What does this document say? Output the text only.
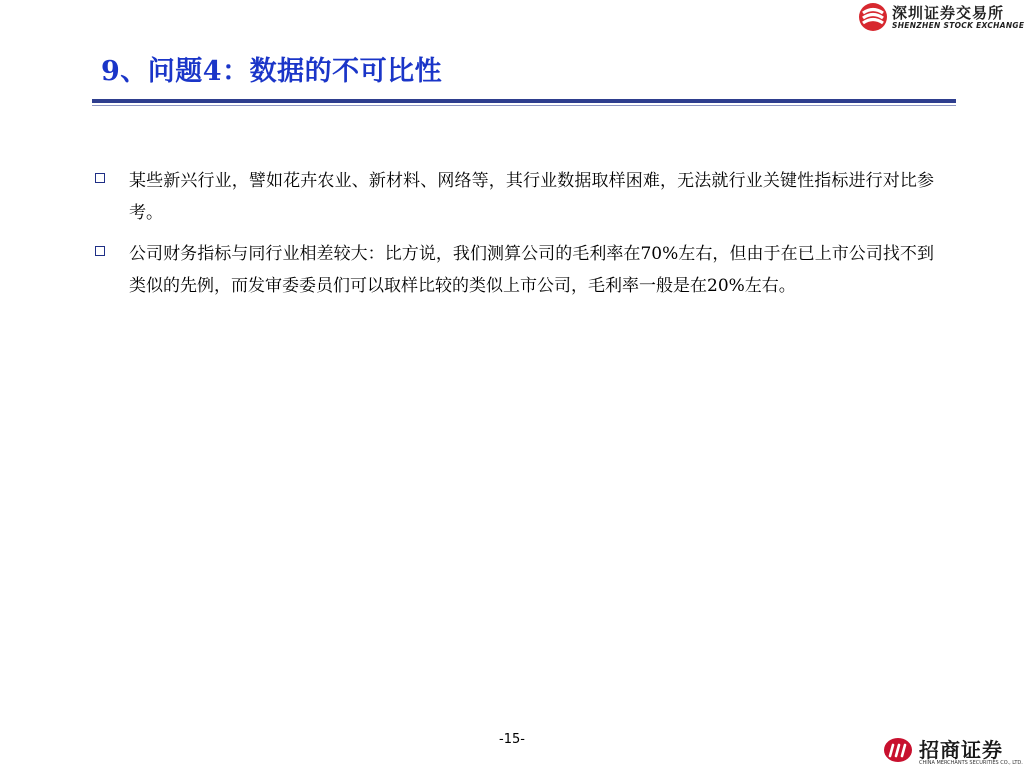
深圳证券交易所
SHENZHEN STOCK EXCHANGE
9、问题4：数据的不可比性
某些新兴行业，譬如花卉农业、新材料、网络等，其行业数据取样困难，无法就行业关键性指标进行对比参考。
公司财务指标与同行业相差较大：比方说，我们测算公司的毛利率在70%左右，但由于在已上市公司找不到类似的先例，而发审委委员们可以取样比较的类似上市公司，毛利率一般是在20%左右。
-15-	招商证券
CHINA MERCHANTS SECURITIES CO., LTD.
